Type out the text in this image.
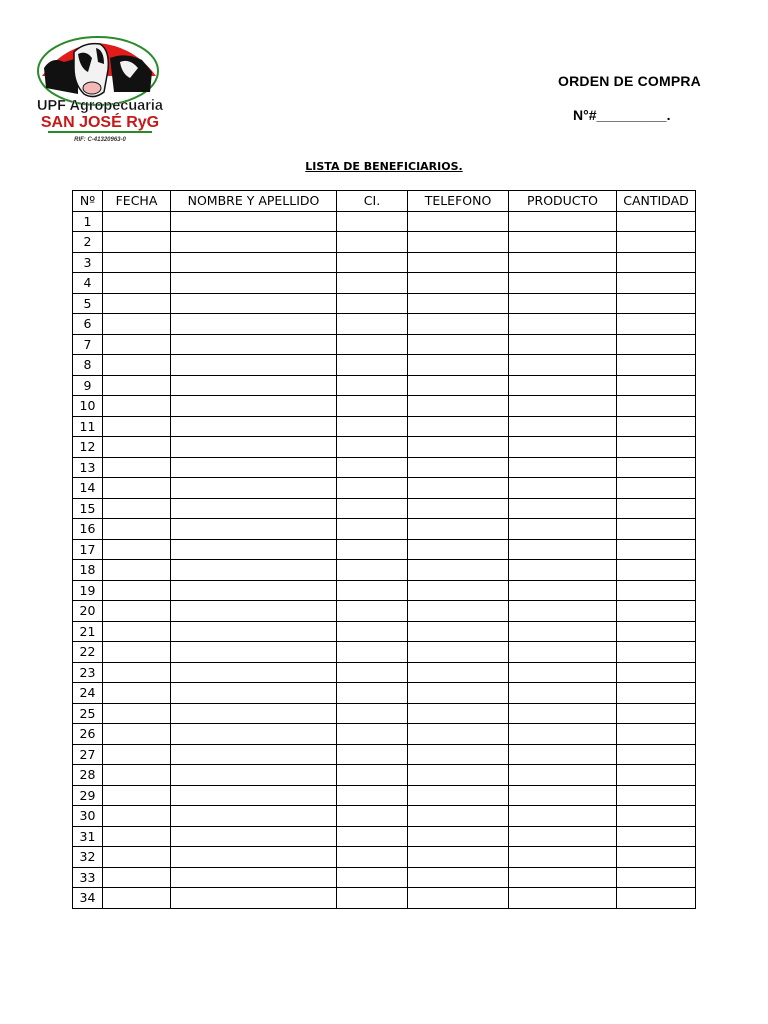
UPF Agropecuaria
SAN JOSÉ RyG
RIF: C-41320963-0
ORDEN DE COMPRA
N°#_________.
LISTA DE BENEFICIARIOS.
Nº	FECHA	NOMBRE Y APELLIDO	CI.	TELEFONO	PRODUCTO	CANTIDAD
1						
2						
3						
4						
5						
6						
7						
8						
9						
10						
11						
12						
13						
14						
15						
16						
17						
18						
19						
20						
21						
22						
23						
24						
25						
26						
27						
28						
29						
30						
31						
32						
33						
34						
